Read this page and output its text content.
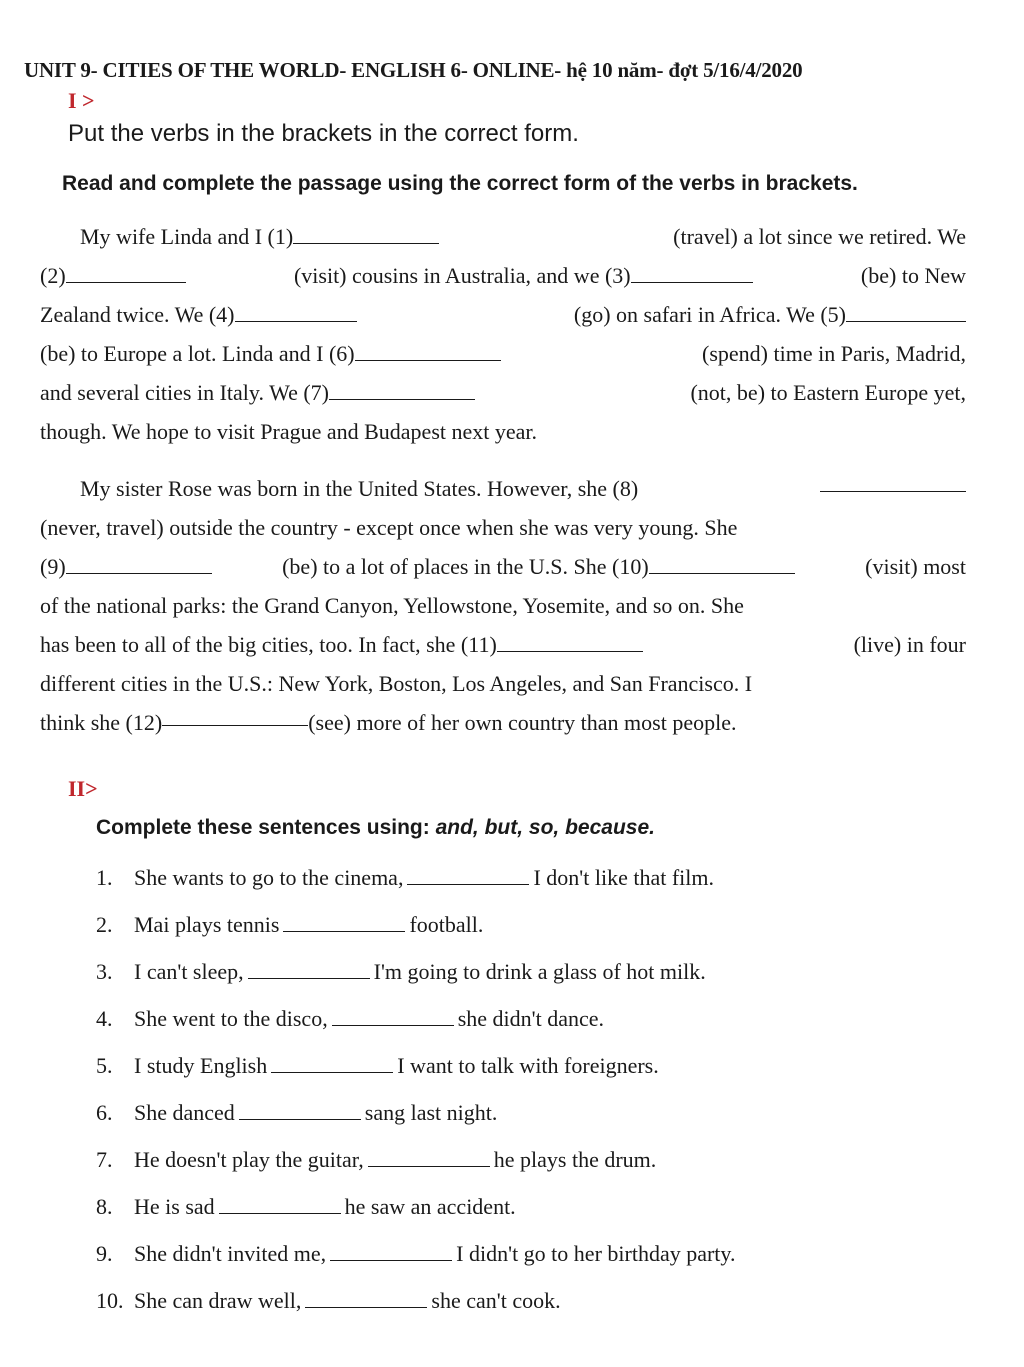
UNIT 9- CITIES OF THE WORLD- ENGLISH 6- ONLINE- hệ 10 năm- đợt 5/16/4/2020
I >
Put the verbs in the brackets in the correct form.
Read and complete the passage using the correct form of the verbs in brackets.
My wife Linda and I (1)	(travel) a lot since we retired. We
(2)	(visit) cousins in Australia, and we (3)	(be) to New
Zealand twice. We (4)	(go) on safari in Africa. We (5)
(be) to Europe a lot. Linda and I (6)	(spend) time in Paris, Madrid,
and several cities in Italy. We (7)	(not, be) to Eastern Europe yet,
though. We hope to visit Prague and Budapest next year.
My sister Rose was born in the United States. However, she (8)
(never, travel) outside the country - except once when she was very young. She
(9)	(be) to a lot of places in the U.S. She (10)	(visit) most
of the national parks: the Grand Canyon, Yellowstone, Yosemite, and so on. She
has been to all of the big cities, too. In fact, she (11)	(live) in four
different cities in the U.S.: New York, Boston, Los Angeles, and San Francisco. I
think she (12)	(see) more of her own country than most people.
II>
Complete these sentences using: and, but, so, because.
1. She wants to go to the cinema,	I don't like that film.
2. Mai plays tennis	football.
3. I can't sleep,	I'm going to drink a glass of hot milk.
4. She went to the disco,	she didn't dance.
5. I study English	I want to talk with foreigners.
6. She danced	sang last night.
7. He doesn't play the guitar,	he plays the drum.
8. He is sad	he saw an accident.
9. She didn't invited me,	I didn't go to her birthday party.
10. She can draw well,	she can't cook.
